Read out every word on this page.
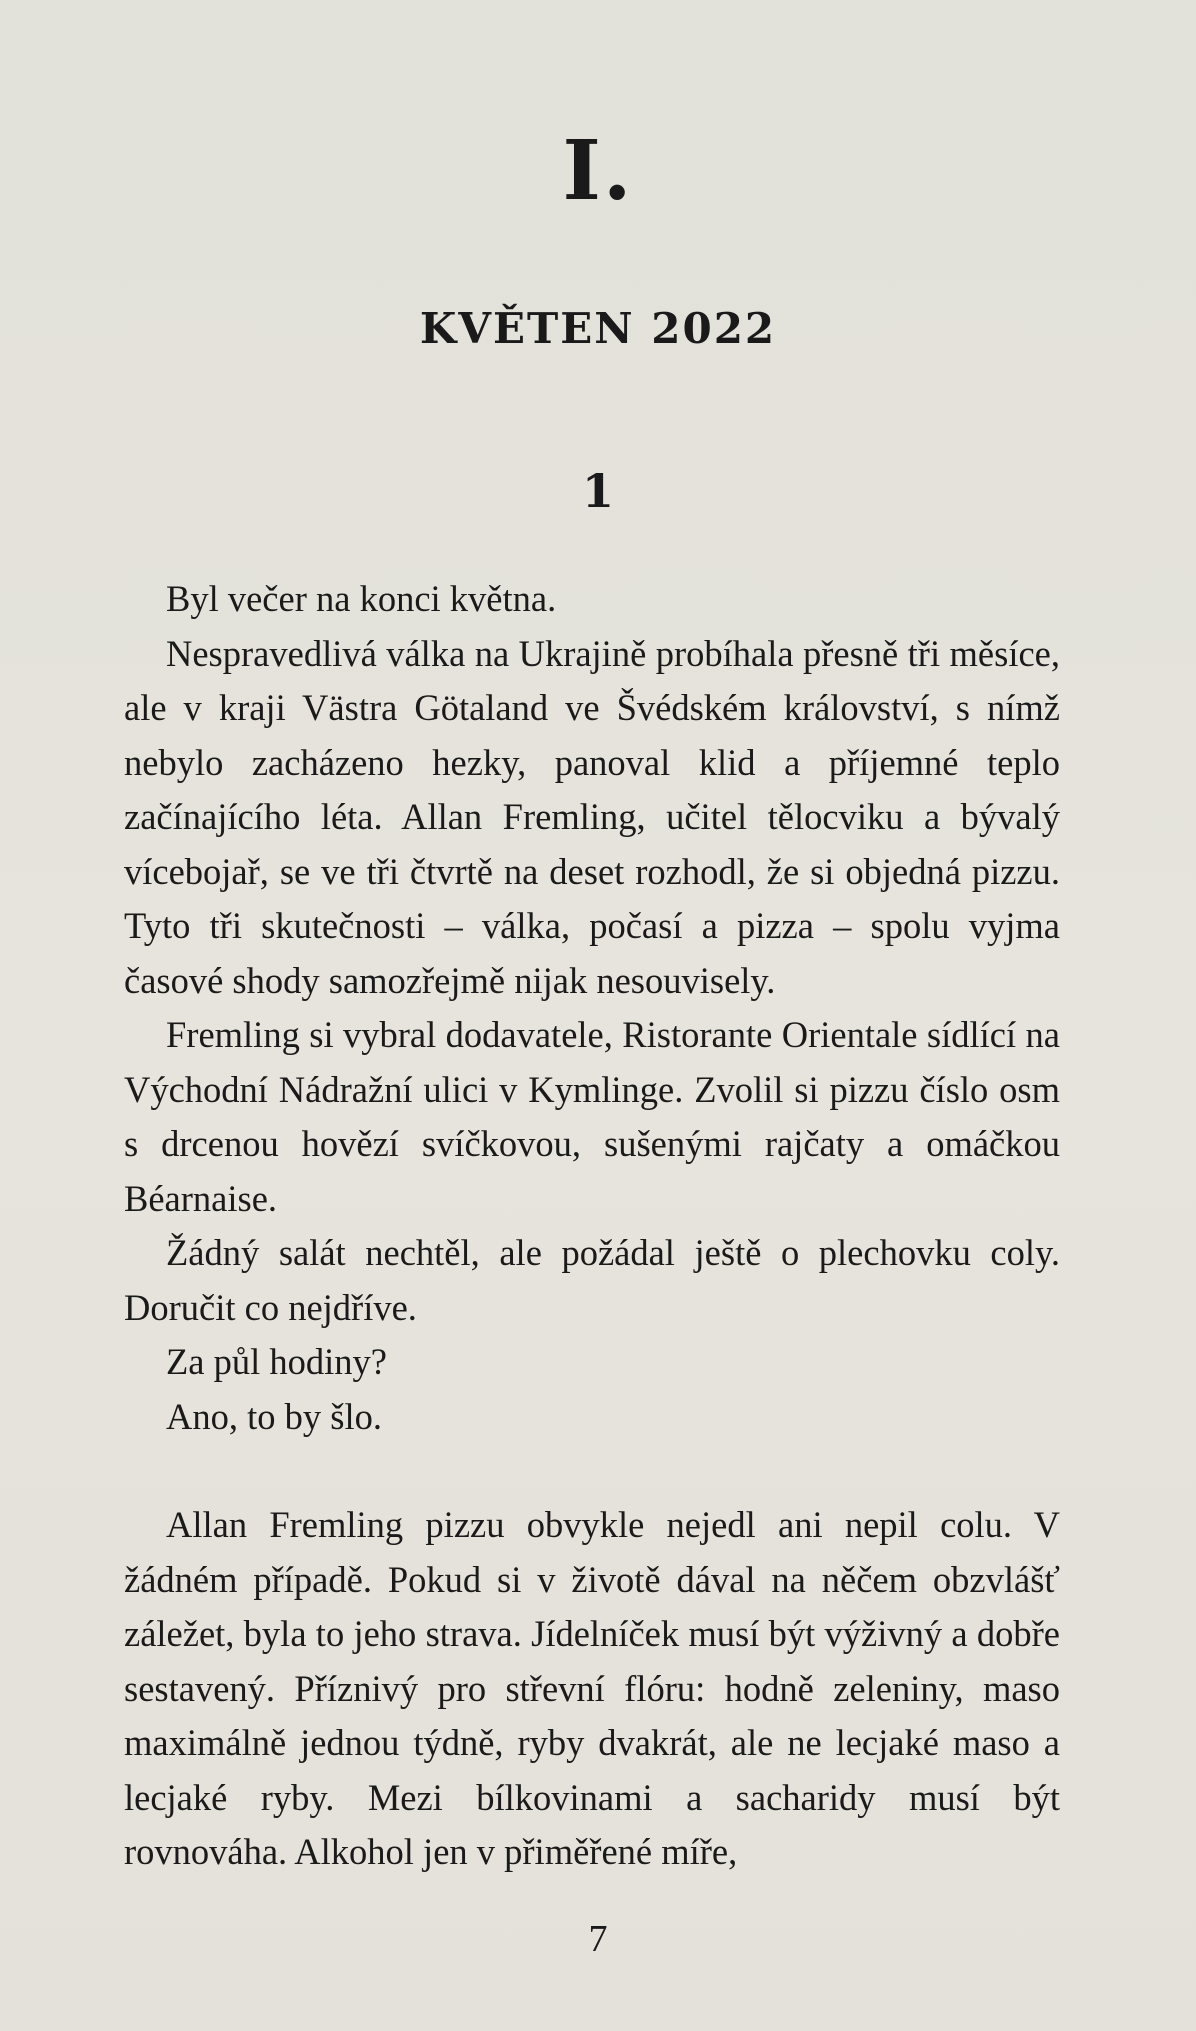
I.
KVĚTEN 2022
1

Byl večer na konci května.

Nespravedlivá válka na Ukrajině probíhala přesně tři měsíce, ale v kraji Västra Götaland ve Švédském království, s nímž nebylo zacházeno hezky, panoval klid a příjemné teplo začínajícího léta. Allan Fremling, učitel tělocviku a bývalý vícebojař, se ve tři čtvrtě na deset rozhodl, že si objedná pizzu. Tyto tři skutečnosti – válka, počasí a pizza – spolu vyjma časové shody samozřejmě nijak nesouvisely.

Fremling si vybral dodavatele, Ristorante Orientale sídlící na Východní Nádražní ulici v Kymlinge. Zvolil si pizzu číslo osm s drcenou hovězí svíčkovou, sušenými rajčaty a omáčkou Béarnaise.

Žádný salát nechtěl, ale požádal ještě o plechovku coly. Doručit co nejdříve.

Za půl hodiny?

Ano, to by šlo.

Allan Fremling pizzu obvykle nejedl ani nepil colu. V žádném případě. Pokud si v životě dával na něčem obzvlášť záležet, byla to jeho strava. Jídelníček musí být výživný a dobře sestavený. Příznivý pro střevní flóru: hodně zeleniny, maso maximálně jednou týdně, ryby dvakrát, ale ne lecjaké maso a lecjaké ryby. Mezi bílkovinami a sacharidy musí být rovnováha. Alkohol jen v přiměřené míře,

7
